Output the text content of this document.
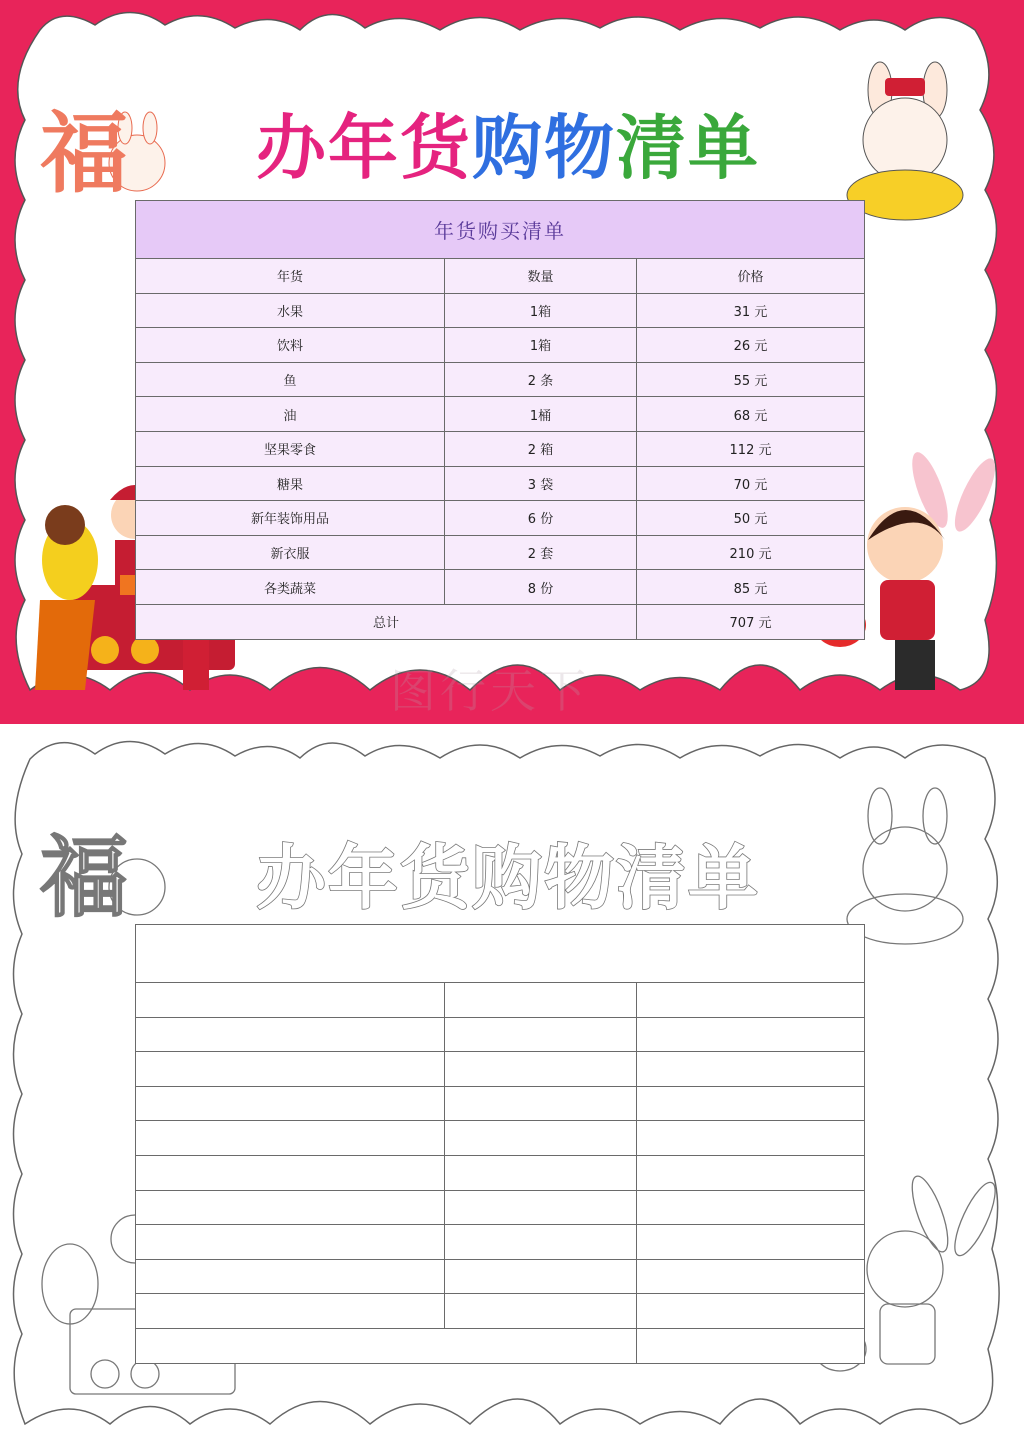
福	办年货购物清单
年货购买清单		
年货	数量	价格
水果	1箱	31 元
饮料	1箱	26 元
鱼	2 条	55 元
油	1桶	68 元
坚果零食	2 箱	112 元
糖果	3 袋	70 元
新年装饰用品	6 份	50 元
新衣服	2 套	210 元
各类蔬菜	8 份	85 元
总计		707 元
图行天下
福	办年货购物清单
